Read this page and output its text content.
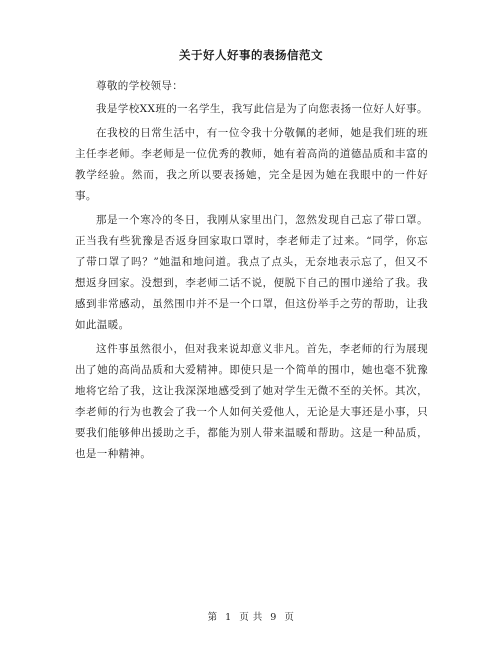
关于好人好事的表扬信范文

尊敬的学校领导：

我是学校XX班的一名学生，我写此信是为了向您表扬一位好人好事。

在我校的日常生活中，有一位令我十分敬佩的老师，她是我们班的班主任李老师。李老师是一位优秀的教师，她有着高尚的道德品质和丰富的教学经验。然而，我之所以要表扬她，完全是因为她在我眼中的一件好事。

那是一个寒冷的冬日，我刚从家里出门，忽然发现自己忘了带口罩。正当我有些犹豫是否返身回家取口罩时，李老师走了过来。“同学，你忘了带口罩了吗？”她温和地问道。我点了点头，无奈地表示忘了，但又不想返身回家。没想到，李老师二话不说，便脱下自己的围巾递给了我。我感到非常感动，虽然围巾并不是一个口罩，但这份举手之劳的帮助，让我如此温暖。

这件事虽然很小，但对我来说却意义非凡。首先，李老师的行为展现出了她的高尚品质和大爱精神。即使只是一个简单的围巾，她也毫不犹豫地将它给了我，这让我深深地感受到了她对学生无微不至的关怀。其次，李老师的行为也教会了我一个人如何关爱他人，无论是大事还是小事，只要我们能够伸出援助之手，都能为别人带来温暖和帮助。这是一种品质，也是一种精神。

第 1 页 共 9 页
